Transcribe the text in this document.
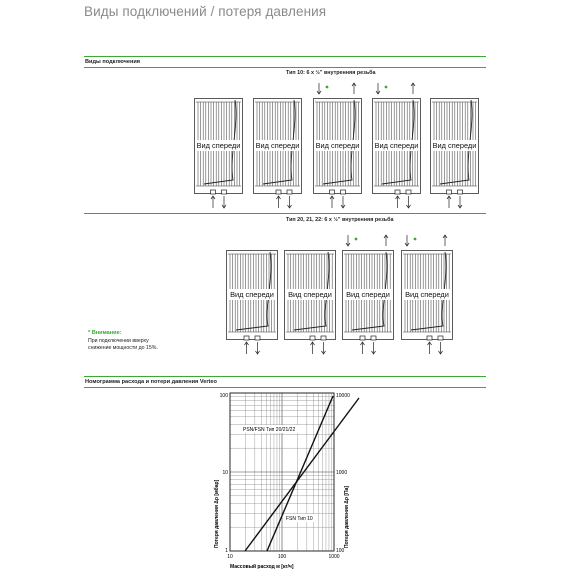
Виды подключений / потеря давления
Виды подключения
Тип 10: 6 x ½" внутренняя резьба
Вид спереди	Вид спереди	Вид спереди	Вид спереди	Вид спереди
Тип 20, 21, 22: 6 x ½" внутренняя резьба
Вид спереди	Вид спереди	Вид спереди	Вид спереди
* Внимание:
При подключении вверху снижение мощности до 15%.
Номограмма расхода и потери давления Verteo
PSN/FSN Тип 20/21/22
FSN Тип 10
100
10
1
10000
1000
100
10	100	1000
Потеря давления Δp [мбар]	Потеря давления Δp [Па]
Массовый расход м [кг/ч]
